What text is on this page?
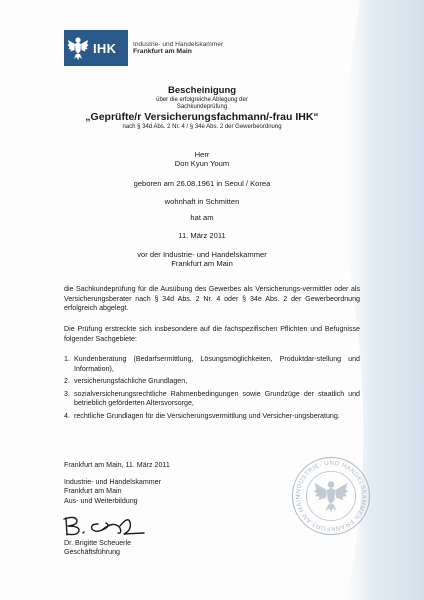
IHK	Industrie- und Handelskammer
Frankfurt am Main
Bescheinigung
über die erfolgreiche Ablegung der
Sachkundeprüfung
„Geprüfte/r Versicherungsfachmann/-frau IHK“
nach § 34d Abs. 2 Nr. 4 / § 34e Abs. 2 der Gewerbeordnung
Herr
Don Kyun Youm
geboren am 26.08.1961 in Seoul / Korea
wohnhaft in Schmitten
hat am
11. März 2011
vor der Industrie- und Handelskammer
Frankfurt am Main
die Sachkundeprüfung für die Ausübung des Gewerbes als Versicherungs-vermittler oder als Versicherungsberater nach § 34d Abs. 2 Nr. 4 oder § 34e Abs. 2 der Gewerbeordnung erfolgreich abgelegt.
Die Prüfung erstreckte sich insbesondere auf die fachspezifischen Pflichten und Befugnisse folgender Sachgebiete:
1. Kundenberatung (Bedarfsermittlung, Lösungsmöglichkeiten, Produktdar-stellung und Information),
2. versicherungsfachliche Grundlagen,
3. sozialversicherungsrechtliche Rahmenbedingungen sowie Grundzüge der staatlich und betrieblich geförderten Altersvorsorge,
4. rechtliche Grundlagen für die Versicherungsvermittlung und Versicher-ungsberatung.
Frankfurt am Main, 11. März 2011
Industrie- und Handelskammer
Frankfurt am Main
Aus- und Weiterbildung
Dr. Brigitte Scheuerle
Geschäftsführung
INDUSTRIE- UND HANDELSKAMMER FRANKFURT AM MAIN
